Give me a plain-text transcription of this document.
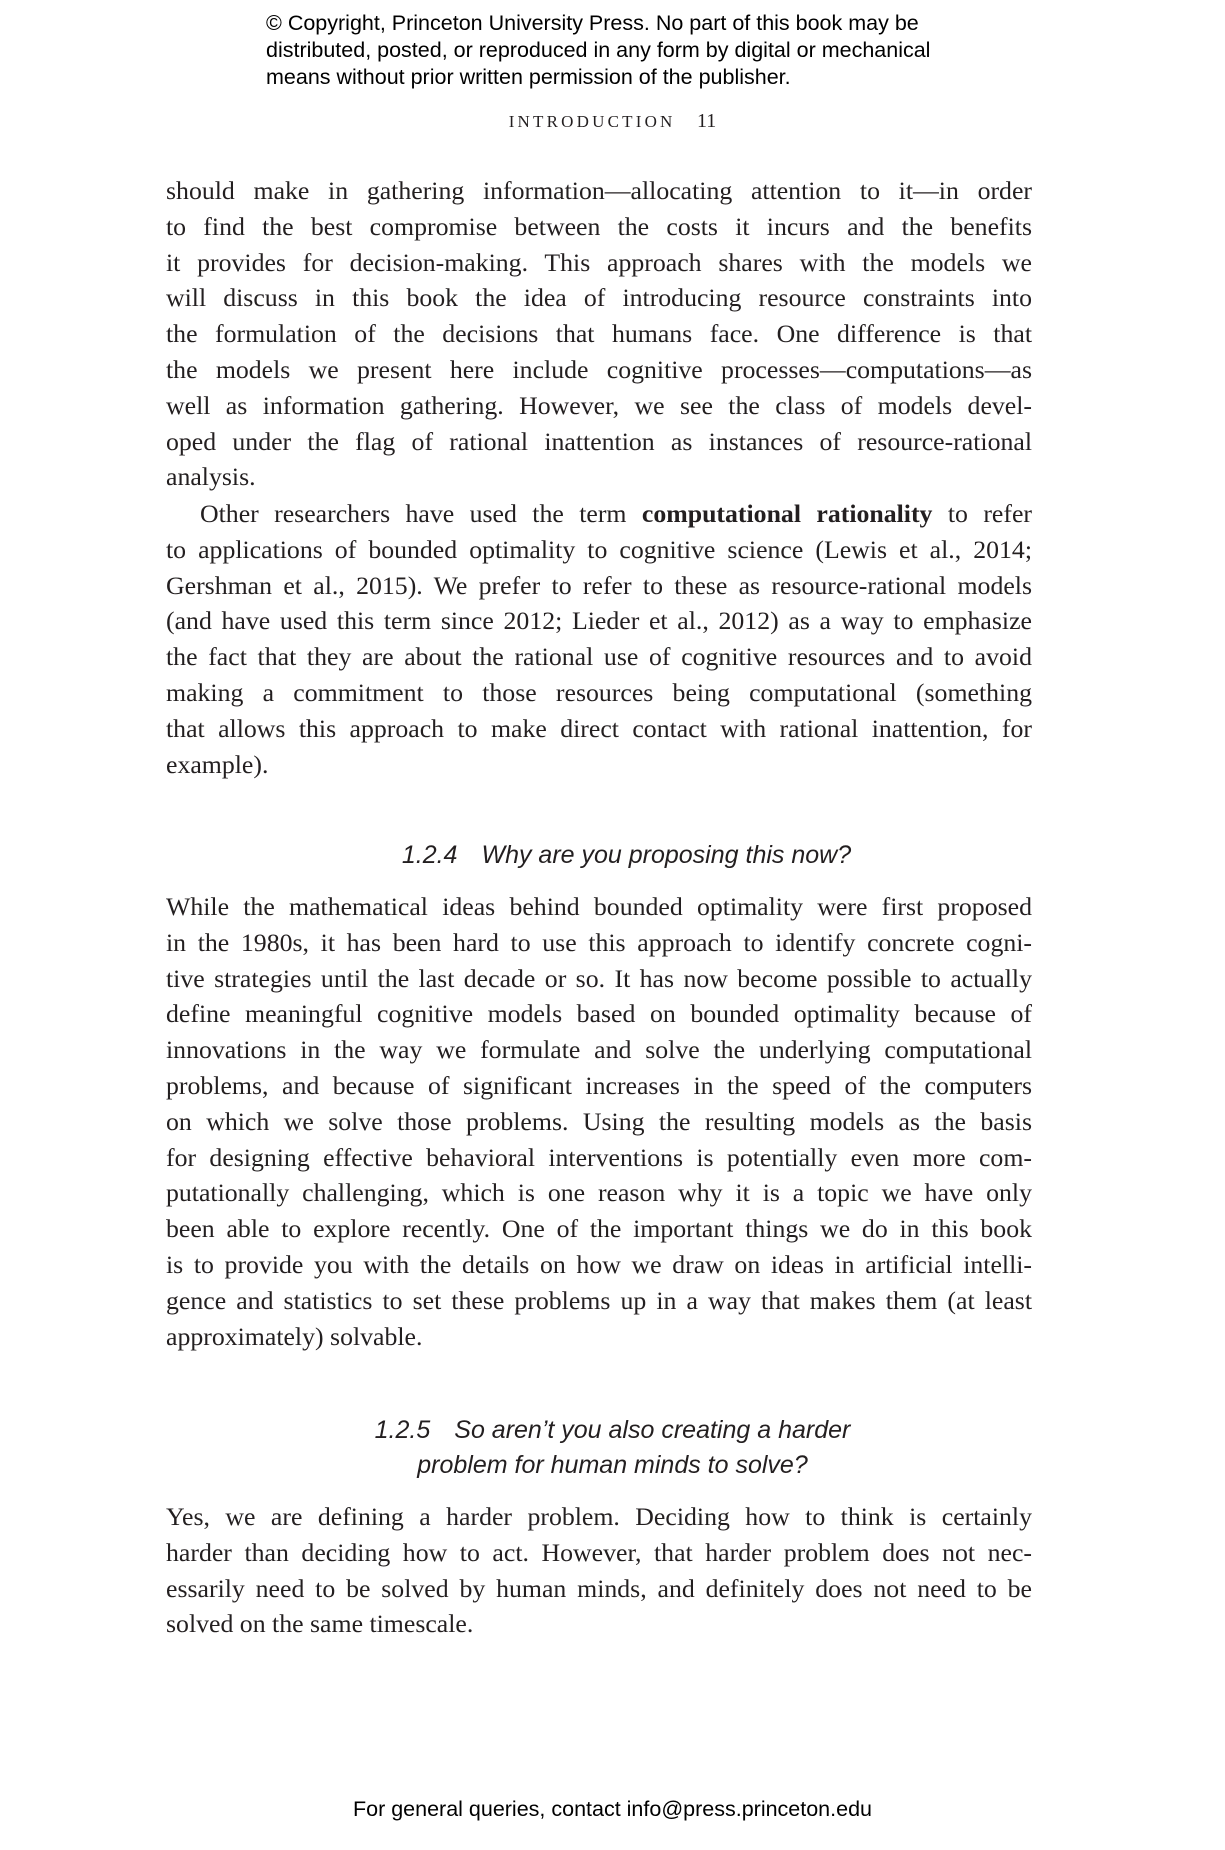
© Copyright, Princeton University Press. No part of this book may be
distributed, posted, or reproduced in any form by digital or mechanical
means without prior written permission of the publisher.
INTRODUCTION 11
should make in gathering information—allocating attention to it—in order
to find the best compromise between the costs it incurs and the benefits
it provides for decision-making. This approach shares with the models we
will discuss in this book the idea of introducing resource constraints into
the formulation of the decisions that humans face. One difference is that
the models we present here include cognitive processes—computations—as
well as information gathering. However, we see the class of models devel-
oped under the flag of rational inattention as instances of resource-rational
analysis.
Other researchers have used the term computational rationality to refer
to applications of bounded optimality to cognitive science (Lewis et al., 2014;
Gershman et al., 2015). We prefer to refer to these as resource-rational models
(and have used this term since 2012; Lieder et al., 2012) as a way to emphasize
the fact that they are about the rational use of cognitive resources and to avoid
making a commitment to those resources being computational (something
that allows this approach to make direct contact with rational inattention, for
example).
1.2.4 Why are you proposing this now?
While the mathematical ideas behind bounded optimality were first proposed
in the 1980s, it has been hard to use this approach to identify concrete cogni-
tive strategies until the last decade or so. It has now become possible to actually
define meaningful cognitive models based on bounded optimality because of
innovations in the way we formulate and solve the underlying computational
problems, and because of significant increases in the speed of the computers
on which we solve those problems. Using the resulting models as the basis
for designing effective behavioral interventions is potentially even more com-
putationally challenging, which is one reason why it is a topic we have only
been able to explore recently. One of the important things we do in this book
is to provide you with the details on how we draw on ideas in artificial intelli-
gence and statistics to set these problems up in a way that makes them (at least
approximately) solvable.
1.2.5 So aren’t you also creating a harder
problem for human minds to solve?
Yes, we are defining a harder problem. Deciding how to think is certainly
harder than deciding how to act. However, that harder problem does not nec-
essarily need to be solved by human minds, and definitely does not need to be
solved on the same timescale.
For general queries, contact info@press.princeton.edu
